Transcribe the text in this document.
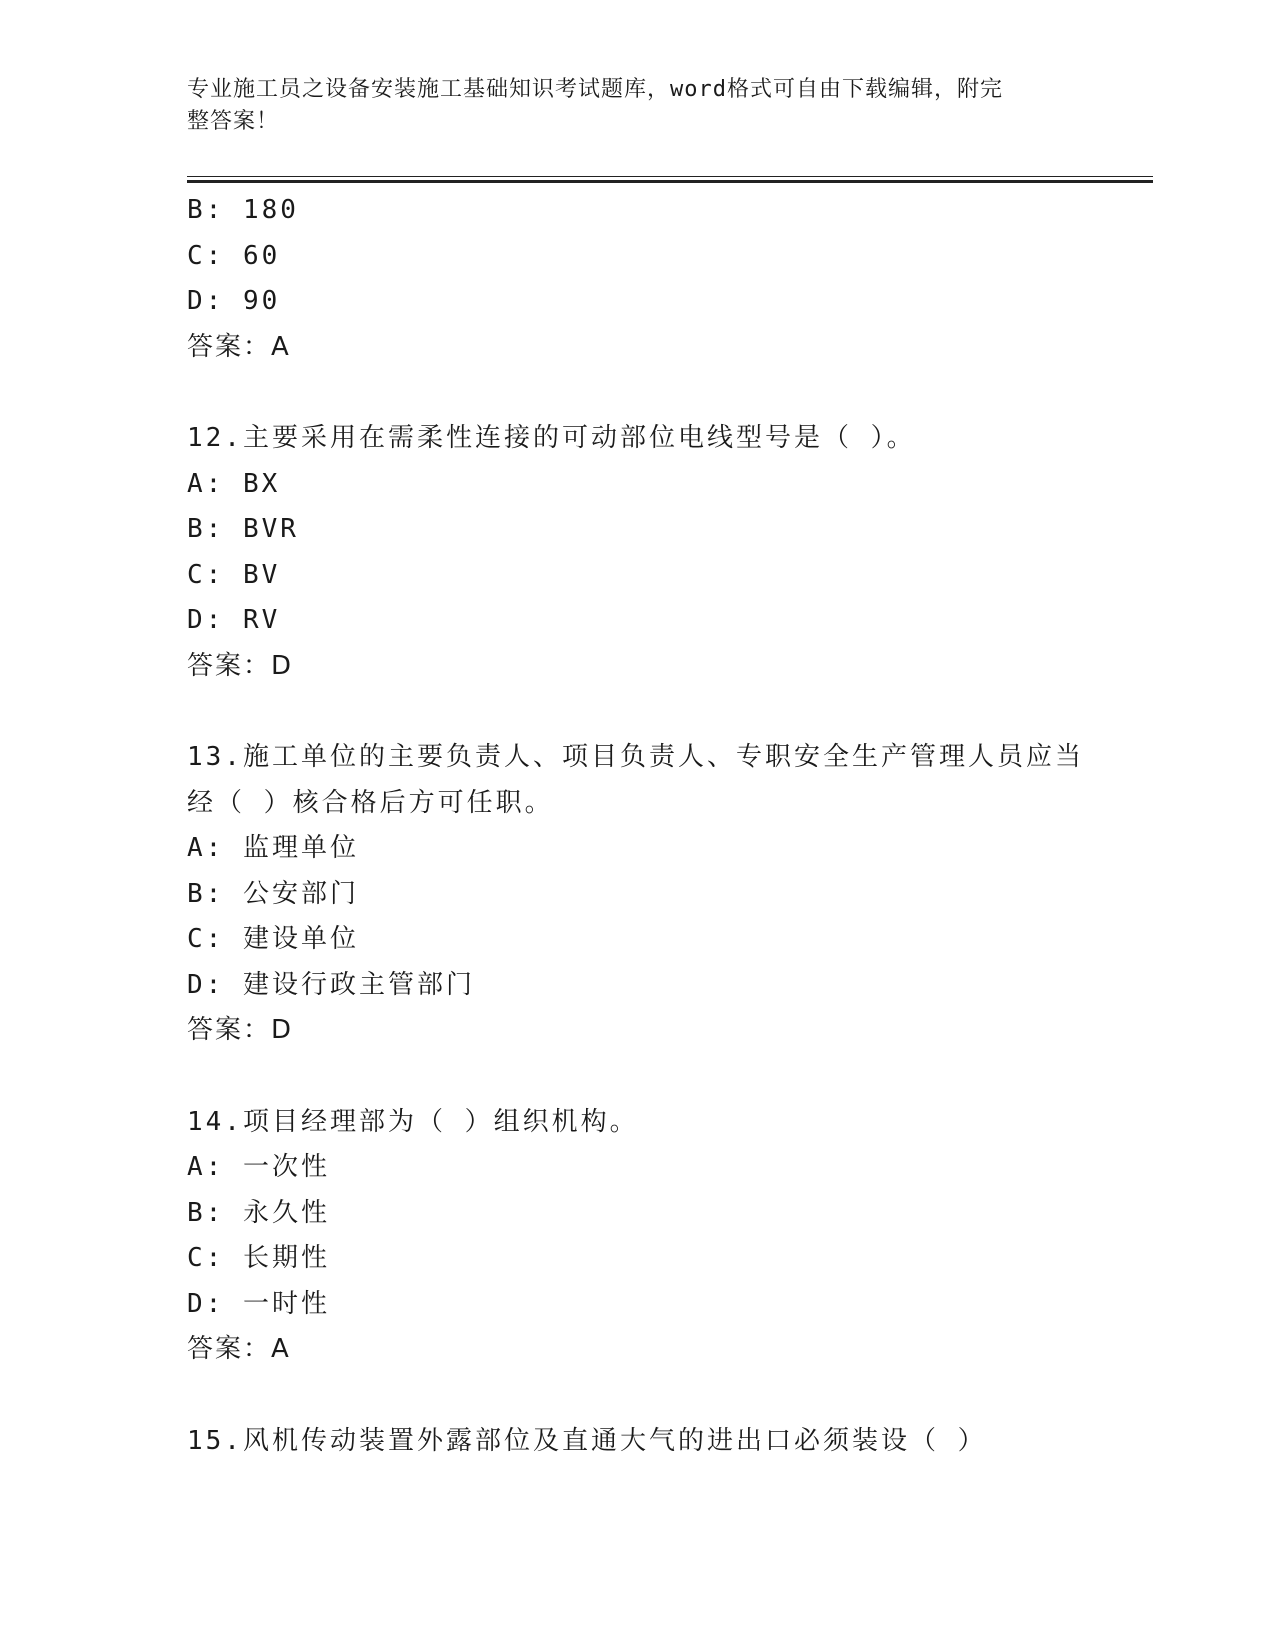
专业施工员之设备安装施工基础知识考试题库，word格式可自由下载编辑，附完
整答案！
B: 180
C: 60
D: 90
答案：A
12.主要采用在需柔性连接的可动部位电线型号是（ ）。
A: BX
B: BVR
C: BV
D: RV
答案：D
13.施工单位的主要负责人、项目负责人、专职安全生产管理人员应当
经（ ）核合格后方可任职。
A: 监理单位
B: 公安部门
C: 建设单位
D: 建设行政主管部门
答案：D
14.项目经理部为（ ）组织机构。
A: 一次性
B: 永久性
C: 长期性
D: 一时性
答案：A
15.风机传动装置外露部位及直通大气的进出口必须装设（ ）
